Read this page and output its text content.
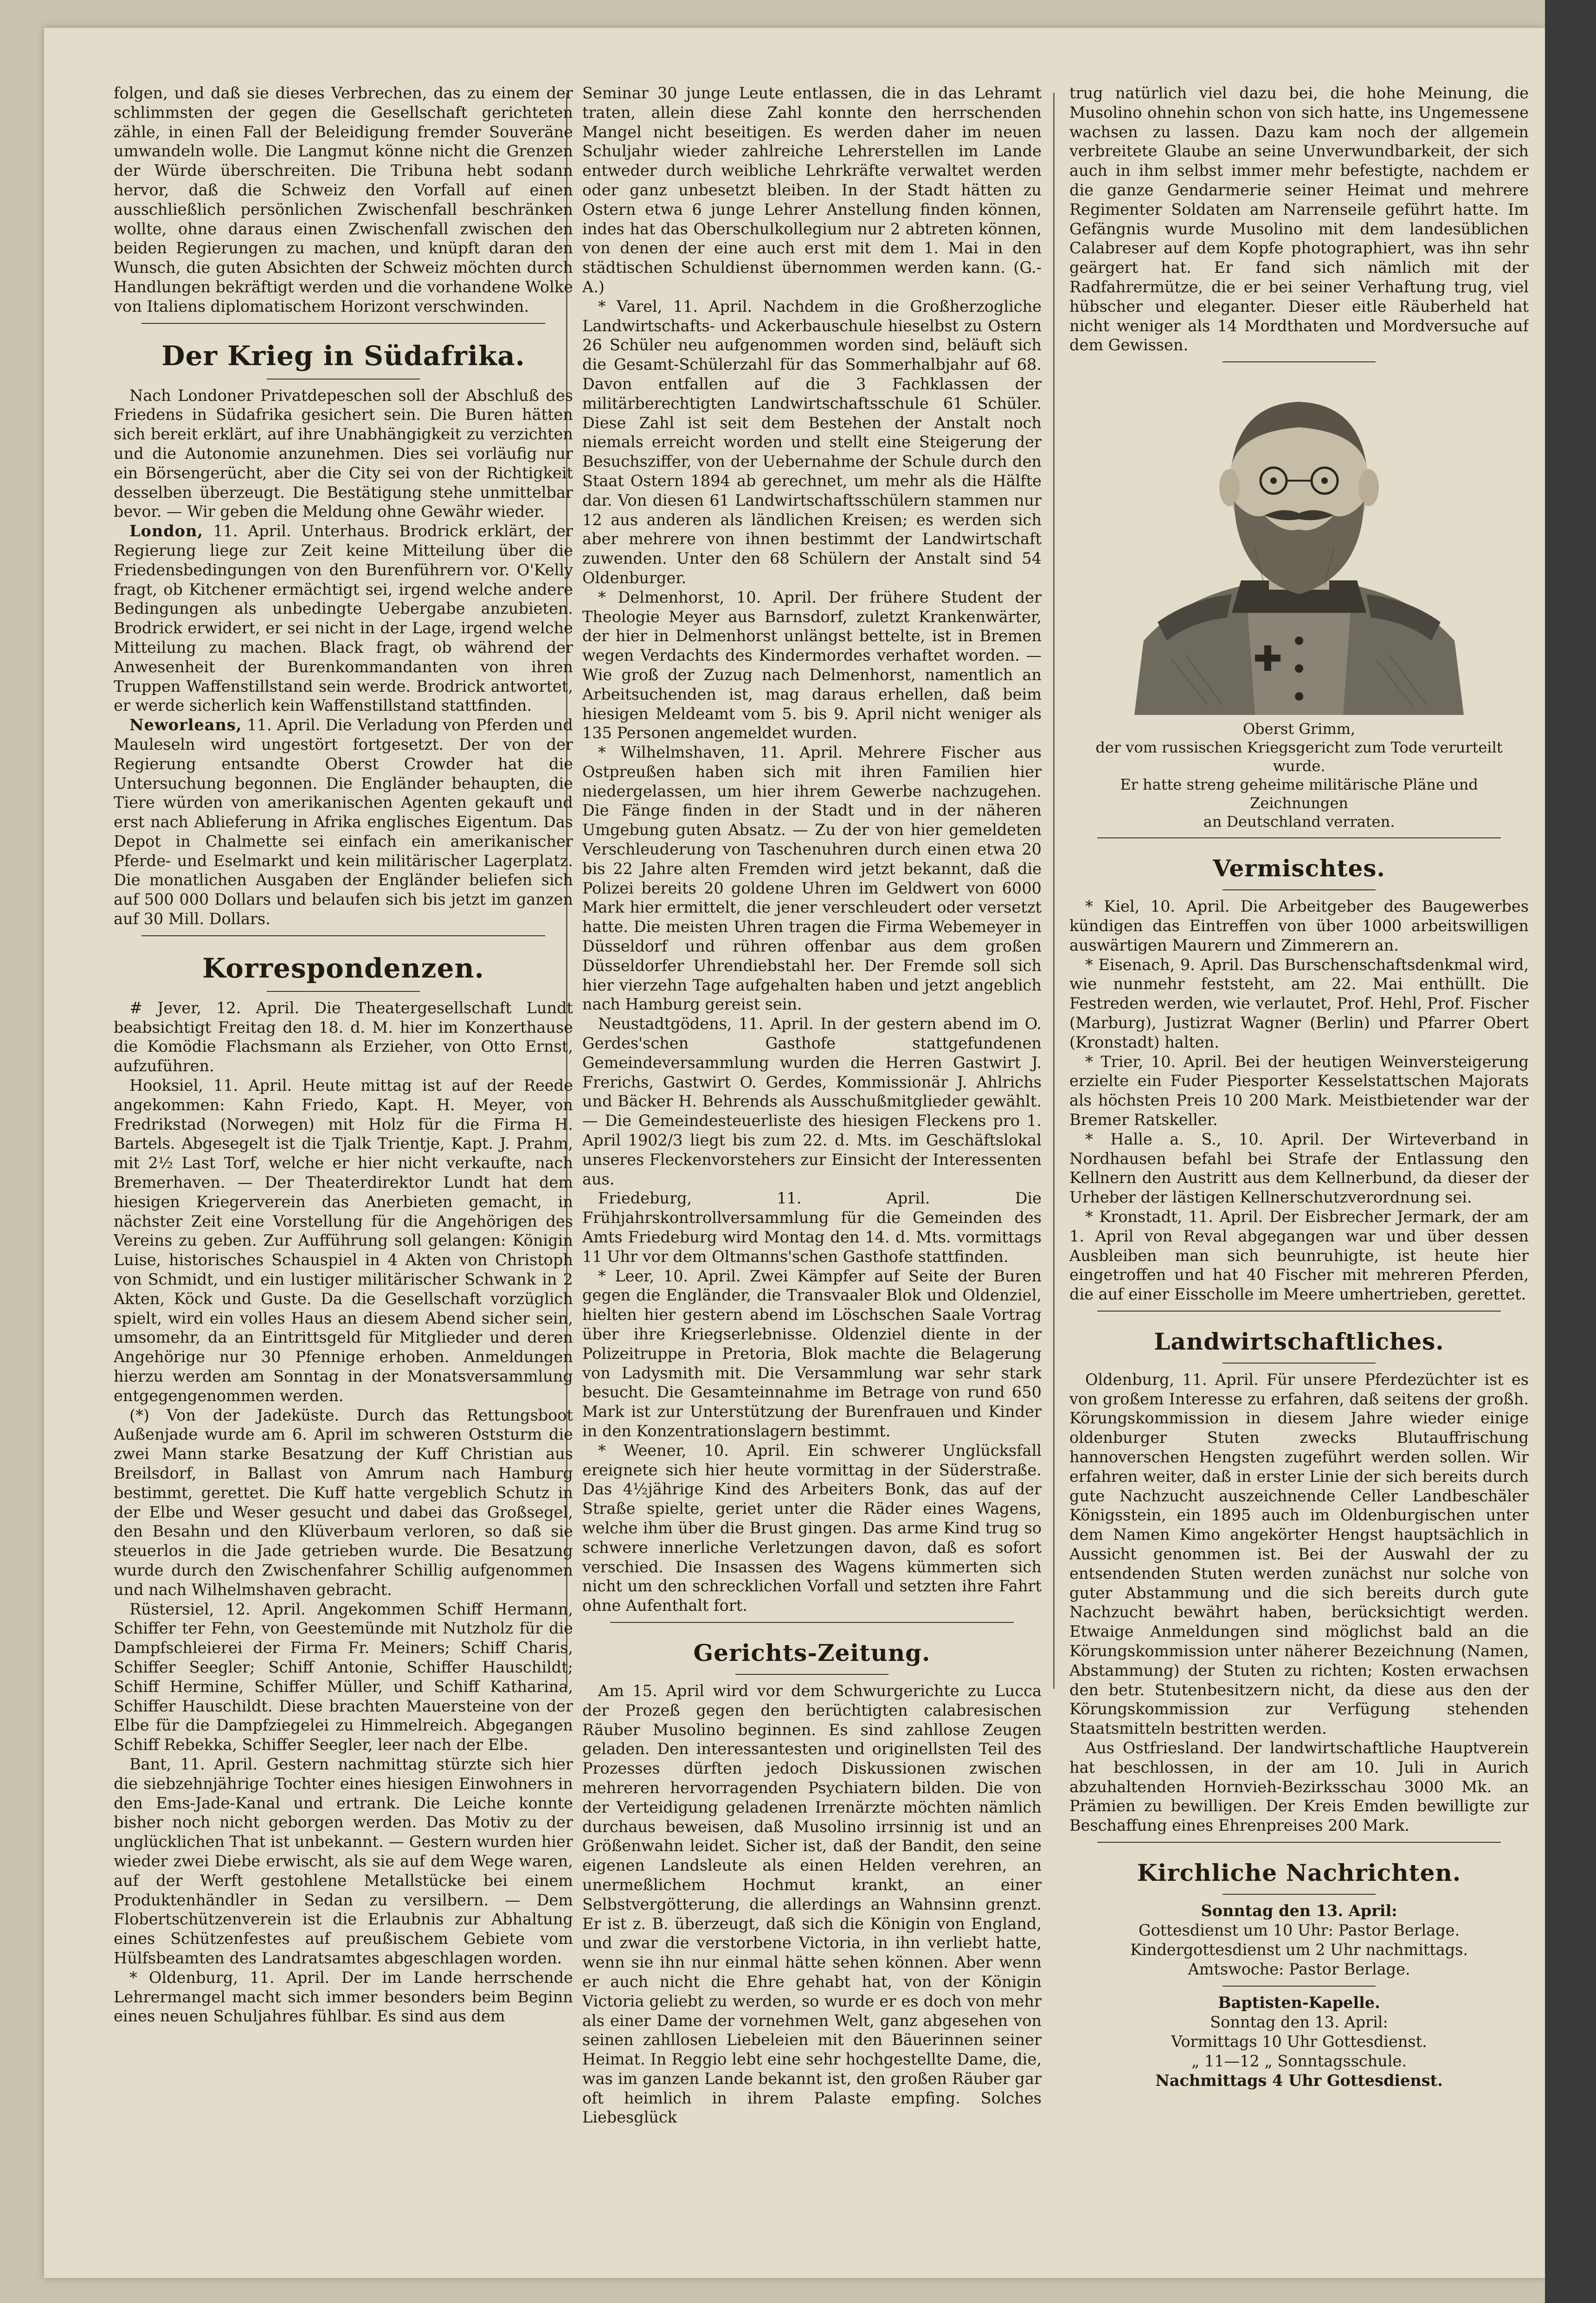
folgen, und daß sie dieses Verbrechen, das zu einem der schlimmsten der gegen die Gesellschaft gerichteten zähle, in einen Fall der Beleidigung fremder Souveräne umwandeln wolle. Die Langmut könne nicht die Grenzen der Würde überschreiten. Die Tribuna hebt sodann hervor, daß die Schweiz den Vorfall auf einen ausschließlich persönlichen Zwischenfall beschränken wollte, ohne daraus einen Zwischenfall zwischen den beiden Regierungen zu machen, und knüpft daran den Wunsch, die guten Absichten der Schweiz möchten durch Handlungen bekräftigt werden und die vorhandene Wolke von Italiens diplomatischem Horizont verschwinden.

Der Krieg in Südafrika.

Nach Londoner Privatdepeschen soll der Abschluß des Friedens in Südafrika gesichert sein. Die Buren hätten sich bereit erklärt, auf ihre Unabhängigkeit zu verzichten und die Autonomie anzunehmen. Dies sei vorläufig nur ein Börsengerücht, aber die City sei von der Richtigkeit desselben überzeugt. Die Bestätigung stehe unmittelbar bevor. — Wir geben die Meldung ohne Gewähr wieder.

London, 11. April. Unterhaus. Brodrick erklärt, der Regierung liege zur Zeit keine Mitteilung über die Friedensbedingungen von den Burenführern vor. O'Kelly fragt, ob Kitchener ermächtigt sei, irgend welche andere Bedingungen als unbedingte Uebergabe anzubieten. Brodrick erwidert, er sei nicht in der Lage, irgend welche Mitteilung zu machen. Black fragt, ob während der Anwesenheit der Burenkommandanten von ihren Truppen Waffenstillstand sein werde. Brodrick antwortet, er werde sicherlich kein Waffenstillstand stattfinden.

Neworleans, 11. April. Die Verladung von Pferden und Mauleseln wird ungestört fortgesetzt. Der von der Regierung entsandte Oberst Crowder hat die Untersuchung begonnen. Die Engländer behaupten, die Tiere würden von amerikanischen Agenten gekauft und erst nach Ablieferung in Afrika englisches Eigentum. Das Depot in Chalmette sei einfach ein amerikanischer Pferde- und Eselmarkt und kein militärischer Lagerplatz. Die monatlichen Ausgaben der Engländer beliefen sich auf 500 000 Dollars und belaufen sich bis jetzt im ganzen auf 30 Mill. Dollars.

Korrespondenzen.

# Jever, 12. April. Die Theatergesellschaft Lundt beabsichtigt Freitag den 18. d. M. hier im Konzerthause die Komödie Flachsmann als Erzieher, von Otto Ernst, aufzuführen.

Hooksiel, 11. April. Heute mittag ist auf der Reede angekommen: Kahn Friedo, Kapt. H. Meyer, von Fredrikstad (Norwegen) mit Holz für die Firma H. Bartels. Abgesegelt ist die Tjalk Trientje, Kapt. J. Prahm, mit 2½ Last Torf, welche er hier nicht verkaufte, nach Bremerhaven. — Der Theaterdirektor Lundt hat dem hiesigen Kriegerverein das Anerbieten gemacht, in nächster Zeit eine Vorstellung für die Angehörigen des Vereins zu geben. Zur Aufführung soll gelangen: Königin Luise, historisches Schauspiel in 4 Akten von Christoph von Schmidt, und ein lustiger militärischer Schwank in 2 Akten, Köck und Guste. Da die Gesellschaft vorzüglich spielt, wird ein volles Haus an diesem Abend sicher sein, umsomehr, da an Eintrittsgeld für Mitglieder und deren Angehörige nur 30 Pfennige erhoben. Anmeldungen hierzu werden am Sonntag in der Monatsversammlung entgegengenommen werden.

(*) Von der Jadeküste. Durch das Rettungsboot Außenjade wurde am 6. April im schweren Oststurm die zwei Mann starke Besatzung der Kuff Christian aus Breilsdorf, in Ballast von Amrum nach Hamburg bestimmt, gerettet. Die Kuff hatte vergeblich Schutz in der Elbe und Weser gesucht und dabei das Großsegel, den Besahn und den Klüverbaum verloren, so daß sie steuerlos in die Jade getrieben wurde. Die Besatzung wurde durch den Zwischenfahrer Schillig aufgenommen und nach Wilhelmshaven gebracht.

Rüstersiel, 12. April. Angekommen Schiff Hermann, Schiffer ter Fehn, von Geestemünde mit Nutzholz für die Dampfschleierei der Firma Fr. Meiners; Schiff Charis, Schiffer Seegler; Schiff Antonie, Schiffer Hauschildt; Schiff Hermine, Schiffer Müller, und Schiff Katharina, Schiffer Hauschildt. Diese brachten Mauersteine von der Elbe für die Dampfziegelei zu Himmelreich. Abgegangen Schiff Rebekka, Schiffer Seegler, leer nach der Elbe.

Bant, 11. April. Gestern nachmittag stürzte sich hier die siebzehnjährige Tochter eines hiesigen Einwohners in den Ems-Jade-Kanal und ertrank. Die Leiche konnte bisher noch nicht geborgen werden. Das Motiv zu der unglücklichen That ist unbekannt. — Gestern wurden hier wieder zwei Diebe erwischt, als sie auf dem Wege waren, auf der Werft gestohlene Metallstücke bei einem Produktenhändler in Sedan zu versilbern. — Dem Flobertschützenverein ist die Erlaubnis zur Abhaltung eines Schützenfestes auf preußischem Gebiete vom Hülfsbeamten des Landratsamtes abgeschlagen worden.

* Oldenburg, 11. April. Der im Lande herrschende Lehrermangel macht sich immer besonders beim Beginn eines neuen Schuljahres fühlbar. Es sind aus dem

Seminar 30 junge Leute entlassen, die in das Lehramt traten, allein diese Zahl konnte den herrschenden Mangel nicht beseitigen. Es werden daher im neuen Schuljahr wieder zahlreiche Lehrerstellen im Lande entweder durch weibliche Lehrkräfte verwaltet werden oder ganz unbesetzt bleiben. In der Stadt hätten zu Ostern etwa 6 junge Lehrer Anstellung finden können, indes hat das Oberschulkollegium nur 2 abtreten können, von denen der eine auch erst mit dem 1. Mai in den städtischen Schuldienst übernommen werden kann. (G.-A.)

* Varel, 11. April. Nachdem in die Großherzogliche Landwirtschafts- und Ackerbauschule hieselbst zu Ostern 26 Schüler neu aufgenommen worden sind, beläuft sich die Gesamt-Schülerzahl für das Sommerhalbjahr auf 68. Davon entfallen auf die 3 Fachklassen der militärberechtigten Landwirtschaftsschule 61 Schüler. Diese Zahl ist seit dem Bestehen der Anstalt noch niemals erreicht worden und stellt eine Steigerung der Besuchsziffer, von der Uebernahme der Schule durch den Staat Ostern 1894 ab gerechnet, um mehr als die Hälfte dar. Von diesen 61 Landwirtschaftsschülern stammen nur 12 aus anderen als ländlichen Kreisen; es werden sich aber mehrere von ihnen bestimmt der Landwirtschaft zuwenden. Unter den 68 Schülern der Anstalt sind 54 Oldenburger.

* Delmenhorst, 10. April. Der frühere Student der Theologie Meyer aus Barnsdorf, zuletzt Krankenwärter, der hier in Delmenhorst unlängst bettelte, ist in Bremen wegen Verdachts des Kindermordes verhaftet worden. — Wie groß der Zuzug nach Delmenhorst, namentlich an Arbeitsuchenden ist, mag daraus erhellen, daß beim hiesigen Meldeamt vom 5. bis 9. April nicht weniger als 135 Personen angemeldet wurden.

* Wilhelmshaven, 11. April. Mehrere Fischer aus Ostpreußen haben sich mit ihren Familien hier niedergelassen, um hier ihrem Gewerbe nachzugehen. Die Fänge finden in der Stadt und in der näheren Umgebung guten Absatz. — Zu der von hier gemeldeten Verschleuderung von Taschenuhren durch einen etwa 20 bis 22 Jahre alten Fremden wird jetzt bekannt, daß die Polizei bereits 20 goldene Uhren im Geldwert von 6000 Mark hier ermittelt, die jener verschleudert oder versetzt hatte. Die meisten Uhren tragen die Firma Webemeyer in Düsseldorf und rühren offenbar aus dem großen Düsseldorfer Uhrendiebstahl her. Der Fremde soll sich hier vierzehn Tage aufgehalten haben und jetzt angeblich nach Hamburg gereist sein.

Neustadtgödens, 11. April. In der gestern abend im O. Gerdes'schen Gasthofe stattgefundenen Gemeindeversammlung wurden die Herren Gastwirt J. Frerichs, Gastwirt O. Gerdes, Kommissionär J. Ahlrichs und Bäcker H. Behrends als Ausschußmitglieder gewählt. — Die Gemeindesteuerliste des hiesigen Fleckens pro 1. April 1902/3 liegt bis zum 22. d. Mts. im Geschäftslokal unseres Fleckenvorstehers zur Einsicht der Interessenten aus.

Friedeburg, 11. April. Die Frühjahrskontrollversammlung für die Gemeinden des Amts Friedeburg wird Montag den 14. d. Mts. vormittags 11 Uhr vor dem Oltmanns'schen Gasthofe stattfinden.

* Leer, 10. April. Zwei Kämpfer auf Seite der Buren gegen die Engländer, die Transvaaler Blok und Oldenziel, hielten hier gestern abend im Löschschen Saale Vortrag über ihre Kriegserlebnisse. Oldenziel diente in der Polizeitruppe in Pretoria, Blok machte die Belagerung von Ladysmith mit. Die Versammlung war sehr stark besucht. Die Gesamteinnahme im Betrage von rund 650 Mark ist zur Unterstützung der Burenfrauen und Kinder in den Konzentrationslagern bestimmt.

* Weener, 10. April. Ein schwerer Unglücksfall ereignete sich hier heute vormittag in der Süderstraße. Das 4½jährige Kind des Arbeiters Bonk, das auf der Straße spielte, geriet unter die Räder eines Wagens, welche ihm über die Brust gingen. Das arme Kind trug so schwere innerliche Verletzungen davon, daß es sofort verschied. Die Insassen des Wagens kümmerten sich nicht um den schrecklichen Vorfall und setzten ihre Fahrt ohne Aufenthalt fort.

Gerichts-Zeitung.

Am 15. April wird vor dem Schwurgerichte zu Lucca der Prozeß gegen den berüchtigten calabresischen Räuber Musolino beginnen. Es sind zahllose Zeugen geladen. Den interessantesten und originellsten Teil des Prozesses dürften jedoch Diskussionen zwischen mehreren hervorragenden Psychiatern bilden. Die von der Verteidigung geladenen Irrenärzte möchten nämlich durchaus beweisen, daß Musolino irrsinnig ist und an Größenwahn leidet. Sicher ist, daß der Bandit, den seine eigenen Landsleute als einen Helden verehren, an unermeßlichem Hochmut krankt, an einer Selbstvergötterung, die allerdings an Wahnsinn grenzt. Er ist z. B. überzeugt, daß sich die Königin von England, und zwar die verstorbene Victoria, in ihn verliebt hatte, wenn sie ihn nur einmal hätte sehen können. Aber wenn er auch nicht die Ehre gehabt hat, von der Königin Victoria geliebt zu werden, so wurde er es doch von mehr als einer Dame der vornehmen Welt, ganz abgesehen von seinen zahllosen Liebeleien mit den Bäuerinnen seiner Heimat. In Reggio lebt eine sehr hochgestellte Dame, die, was im ganzen Lande bekannt ist, den großen Räuber gar oft heimlich in ihrem Palaste empfing. Solches Liebesglück

trug natürlich viel dazu bei, die hohe Meinung, die Musolino ohnehin schon von sich hatte, ins Ungemessene wachsen zu lassen. Dazu kam noch der allgemein verbreitete Glaube an seine Unverwundbarkeit, der sich auch in ihm selbst immer mehr befestigte, nachdem er die ganze Gendarmerie seiner Heimat und mehrere Regimenter Soldaten am Narrenseile geführt hatte. Im Gefängnis wurde Musolino mit dem landesüblichen Calabreser auf dem Kopfe photographiert, was ihn sehr geärgert hat. Er fand sich nämlich mit der Radfahrermütze, die er bei seiner Verhaftung trug, viel hübscher und eleganter. Dieser eitle Räuberheld hat nicht weniger als 14 Mordthaten und Mordversuche auf dem Gewissen.

Oberst Grimm,

der vom russischen Kriegsgericht zum Tode verurteilt wurde.

Er hatte streng geheime militärische Pläne und Zeichnungen

an Deutschland verraten.

Vermischtes.

* Kiel, 10. April. Die Arbeitgeber des Baugewerbes kündigen das Eintreffen von über 1000 arbeitswilligen auswärtigen Maurern und Zimmerern an.

* Eisenach, 9. April. Das Burschenschaftsdenkmal wird, wie nunmehr feststeht, am 22. Mai enthüllt. Die Festreden werden, wie verlautet, Prof. Hehl, Prof. Fischer (Marburg), Justizrat Wagner (Berlin) und Pfarrer Obert (Kronstadt) halten.

* Trier, 10. April. Bei der heutigen Weinversteigerung erzielte ein Fuder Piesporter Kesselstattschen Majorats als höchsten Preis 10 200 Mark. Meistbietender war der Bremer Ratskeller.

* Halle a. S., 10. April. Der Wirteverband in Nordhausen befahl bei Strafe der Entlassung den Kellnern den Austritt aus dem Kellnerbund, da dieser der Urheber der lästigen Kellnerschutzverordnung sei.

* Kronstadt, 11. April. Der Eisbrecher Jermark, der am 1. April von Reval abgegangen war und über dessen Ausbleiben man sich beunruhigte, ist heute hier eingetroffen und hat 40 Fischer mit mehreren Pferden, die auf einer Eisscholle im Meere umhertrieben, gerettet.

Landwirtschaftliches.

Oldenburg, 11. April. Für unsere Pferdezüchter ist es von großem Interesse zu erfahren, daß seitens der großh. Körungskommission in diesem Jahre wieder einige oldenburger Stuten zwecks Blutauffrischung hannoverschen Hengsten zugeführt werden sollen. Wir erfahren weiter, daß in erster Linie der sich bereits durch gute Nachzucht auszeichnende Celler Landbeschäler Königsstein, ein 1895 auch im Oldenburgischen unter dem Namen Kimo angekörter Hengst hauptsächlich in Aussicht genommen ist. Bei der Auswahl der zu entsendenden Stuten werden zunächst nur solche von guter Abstammung und die sich bereits durch gute Nachzucht bewährt haben, berücksichtigt werden. Etwaige Anmeldungen sind möglichst bald an die Körungskommission unter näherer Bezeichnung (Namen, Abstammung) der Stuten zu richten; Kosten erwachsen den betr. Stutenbesitzern nicht, da diese aus den der Körungskommission zur Verfügung stehenden Staatsmitteln bestritten werden.

Aus Ostfriesland. Der landwirtschaftliche Hauptverein hat beschlossen, in der am 10. Juli in Aurich abzuhaltenden Hornvieh-Bezirksschau 3000 Mk. an Prämien zu bewilligen. Der Kreis Emden bewilligte zur Beschaffung eines Ehrenpreises 200 Mark.

Kirchliche Nachrichten.

Sonntag den 13. April:

Gottesdienst um 10 Uhr: Pastor Berlage.

Kindergottesdienst um 2 Uhr nachmittags.

Amtswoche: Pastor Berlage.

Baptisten-Kapelle.

Sonntag den 13. April:

Vormittags 10 Uhr Gottesdienst.

„ 11—12 „ Sonntagsschule.

Nachmittags 4 Uhr Gottesdienst.
